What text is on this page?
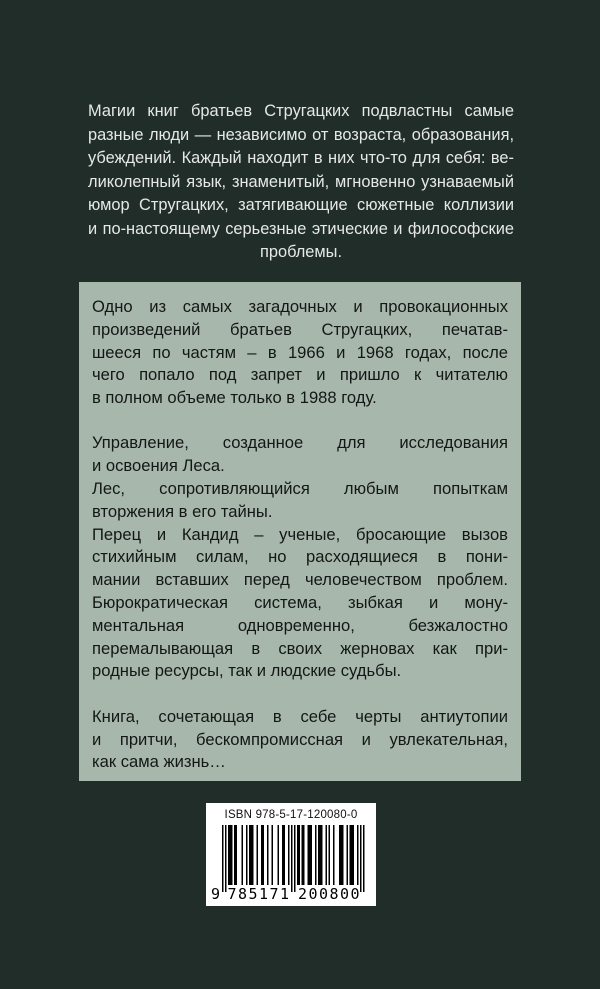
Магии книг братьев Стругацких подвластны самые
разные люди — независимо от возраста, образования,
убеждений. Каждый находит в них что-то для себя: ве-
ликолепный язык, знаменитый, мгновенно узнаваемый
юмор Стругацких, затягивающие сюжетные коллизии
и по-настоящему серьезные этические и философские
проблемы.
Одно из самых загадочных и провокационных
произведений братьев Стругацких, печатав-
шееся по частям – в 1966 и 1968 годах, после
чего попало под запрет и пришло к читателю
в полном объеме только в 1988 году.
Управление, созданное для исследования
и освоения Леса.
Лес, сопротивляющийся любым попыткам
вторжения в его тайны.
Перец и Кандид – ученые, бросающие вызов
стихийным силам, но расходящиеся в пони-
мании вставших перед человечеством проблем.
Бюрократическая система, зыбкая и мону-
ментальная одновременно, безжалостно
перемалывающая в своих жерновах как при-
родные ресурсы, так и людские судьбы.
Книга, сочетающая в себе черты антиутопии
и притчи, бескомпромиссная и увлекательная,
как сама жизнь…
ISBN 978-5-17-120080-0
9 7 8 5 1 7 1 2 0 0 8 0 0
